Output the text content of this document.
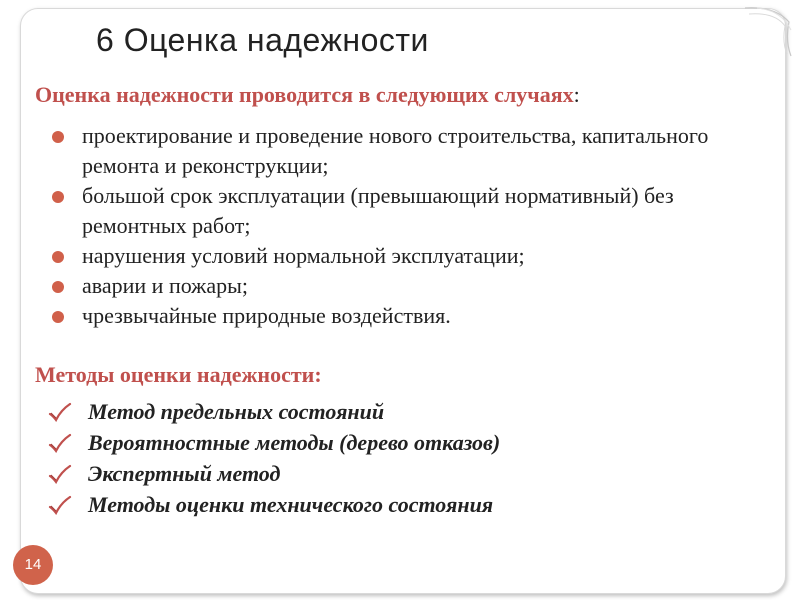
6 Оценка надежности
Оценка надежности проводится в следующих случаях:
проектирование и проведение нового строительства, капитального ремонта и реконструкции;
большой срок эксплуатации (превышающий нормативный) без ремонтных работ;
нарушения условий нормальной эксплуатации;
аварии и пожары;
чрезвычайные природные воздействия.
Методы оценки надежности:
Метод предельных состояний
Вероятностные методы (дерево отказов)
Экспертный метод
Методы оценки технического состояния
14
